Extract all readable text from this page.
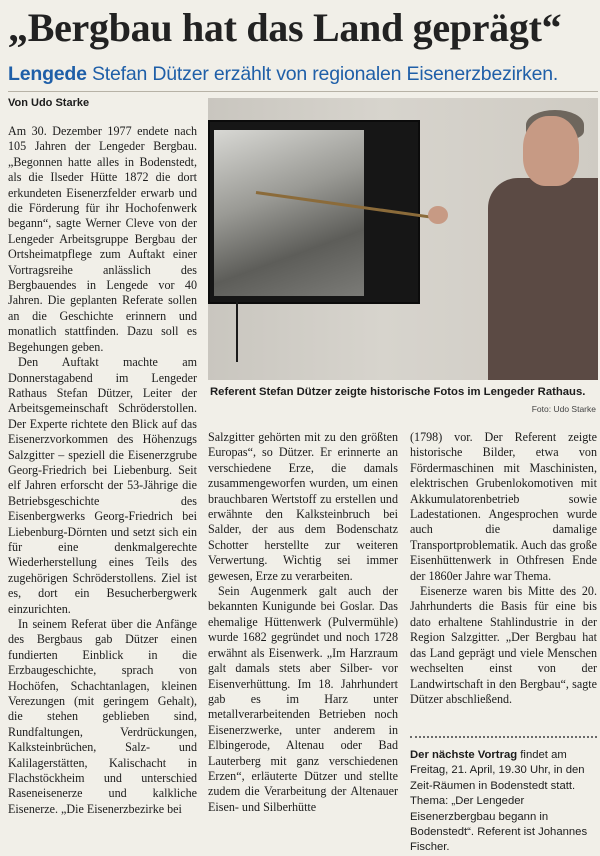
„Bergbau hat das Land geprägt“
Lengede Stefan Dützer erzählt von regionalen Eisenerzbezirken.
Von Udo Starke

Am 30. Dezember 1977 endete nach 105 Jahren der Lengeder Bergbau. „Begonnen hatte alles in Bodenstedt, als die Ilseder Hütte 1872 die dort erkundeten Eisenerzfelder erwarb und die Förderung für ihr Hochofenwerk begann“, sagte Werner Cleve von der Lengeder Arbeitsgruppe Bergbau der Ortsheimatpflege zum Auftakt einer Vortragsreihe anlässlich des Bergbauendes in Lengede vor 40 Jahren. Die geplanten Referate sollen an die Geschichte erinnern und monatlich stattfinden. Dazu soll es Begehungen geben.

Den Auftakt machte am Donnerstagabend im Lengeder Rathaus Stefan Dützer, Leiter der Arbeitsgemeinschaft Schröderstollen. Der Experte richtete den Blick auf das Eisenerzvorkommen des Höhenzugs Salzgitter – speziell die Eisenerzgrube Georg-Friedrich bei Liebenburg. Seit elf Jahren erforscht der 53-Jährige die Betriebsgeschichte des Eisenbergwerks Georg-Friedrich bei Liebenburg-Dörnten und setzt sich ein für eine denkmalgerechte Wiederherstellung eines Teils des zugehörigen Schröderstollens. Ziel ist es, dort ein Besucherbergwerk einzurichten.

In seinem Referat über die Anfänge des Bergbaus gab Dützer einen fundierten Einblick in die Erzbaugeschichte, sprach von Hochöfen, Schachtanlagen, kleinen Verezungen (mit geringem Gehalt), die stehen geblieben sind, Rundfaltungen, Verdrückungen, Kalksteinbrüchen, Salz- und Kalilagerstätten, Kalischacht in Flachstöckheim und unterschied Raseneisenerze und kalkliche Eisenerze. „Die Eisenerzbezirke bei

Referent Stefan Dützer zeigte historische Fotos im Lengeder Rathaus.
Foto: Udo Starke

Salzgitter gehörten mit zu den größten Europas“, so Dützer. Er erinnerte an verschiedene Erze, die damals zusammengeworfen wurden, um einen brauchbaren Wertstoff zu erstellen und erwähnte den Kalksteinbruch bei Salder, der aus dem Bodenschatz Schotter herstellte zur weiteren Verwertung. Wichtig sei immer gewesen, Erze zu verarbeiten.

Sein Augenmerk galt auch der bekannten Kunigunde bei Goslar. Das ehemalige Hüttenwerk (Pulvermühle) wurde 1682 gegründet und noch 1728 erwähnt als Eisenwerk. „Im Harzraum galt damals stets aber Silber- vor Eisenverhüttung. Im 18. Jahrhundert gab es im Harz unter metallverarbeitenden Betrieben noch Eisenerzwerke, unter anderem in Elbingerode, Altenau oder Bad Lauterberg mit ganz verschiedenen Erzen“, erläuterte Dützer und stellte zudem die Verarbeitung der Altenauer Eisen- und Silberhütte

(1798) vor. Der Referent zeigte historische Bilder, etwa von Fördermaschinen mit Maschinisten, elektrischen Grubenlokomotiven mit Akkumulatorenbetrieb sowie Ladestationen. Angesprochen wurde auch die damalige Transportproblematik. Auch das große Eisenhüttenwerk in Othfresen Ende der 1860er Jahre war Thema.

Eisenerze waren bis Mitte des 20. Jahrhunderts die Basis für eine bis dato erhaltene Stahlindustrie in der Region Salzgitter. „Der Bergbau hat das Land geprägt und viele Menschen wechselten einst von der Landwirtschaft in den Bergbau“, sagte Dützer abschließend.

Der nächste Vortrag findet am Freitag, 21. April, 19.30 Uhr, in den Zeit-Räumen in Bodenstedt statt. Thema: „Der Lengeder Eisenerzbergbau begann in Bodenstedt“. Referent ist Johannes Fischer.
